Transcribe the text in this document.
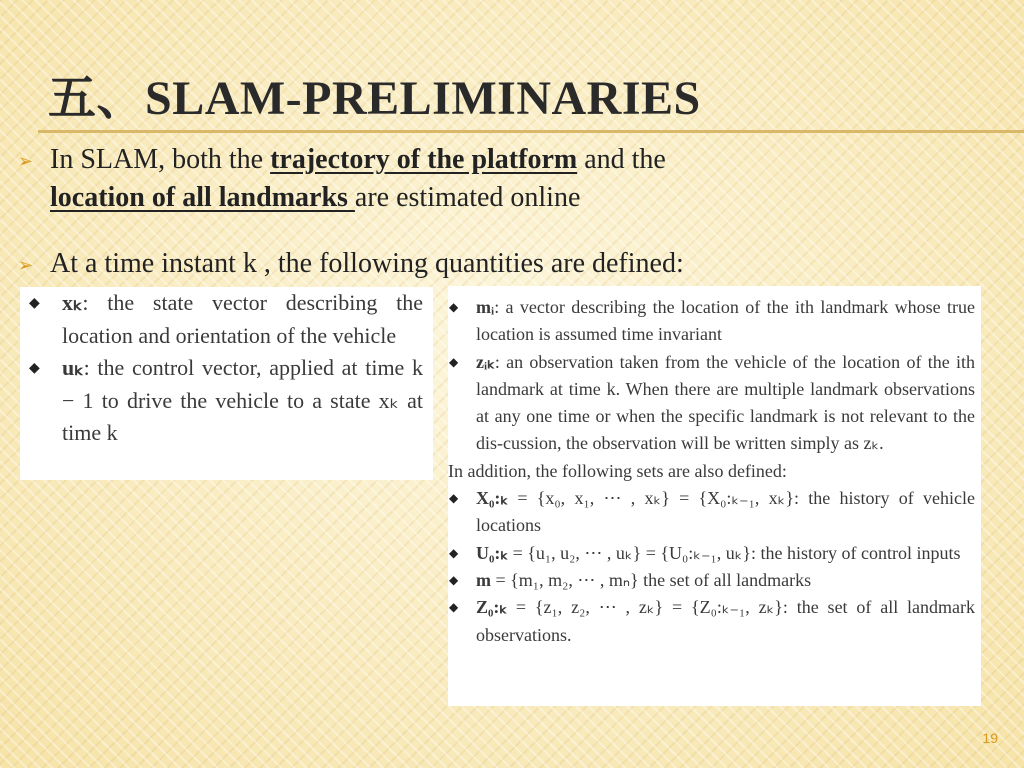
五、SLAM-PRELIMINARIES
➢ In SLAM, both the trajectory of the platform and the
location of all landmarks are estimated online
➢ At a time instant k , the following quantities are defined:
◆ xₖ: the state vector describing the location and orientation of the vehicle
◆ uₖ: the control vector, applied at time k − 1 to drive the vehicle to a state xₖ at time k
◆ mᵢ: a vector describing the location of the ith landmark whose true location is assumed time invariant
◆ zᵢₖ: an observation taken from the vehicle of the location of the ith landmark at time k. When there are multiple landmark observations at any one time or when the specific landmark is not relevant to the dis-cussion, the observation will be written simply as zₖ.
In addition, the following sets are also defined:
◆ X₀:ₖ = {x₀, x₁, ⋯ , xₖ} = {X₀:ₖ₋₁, xₖ}: the history of vehicle locations
◆ U₀:ₖ = {u₁, u₂, ⋯ , uₖ} = {U₀:ₖ₋₁, uₖ}: the history of control inputs
◆ m = {m₁, m₂, ⋯ , mₙ} the set of all landmarks
◆ Z₀:ₖ = {z₁, z₂, ⋯ , zₖ} = {Z₀:ₖ₋₁, zₖ}: the set of all landmark observations.
19
